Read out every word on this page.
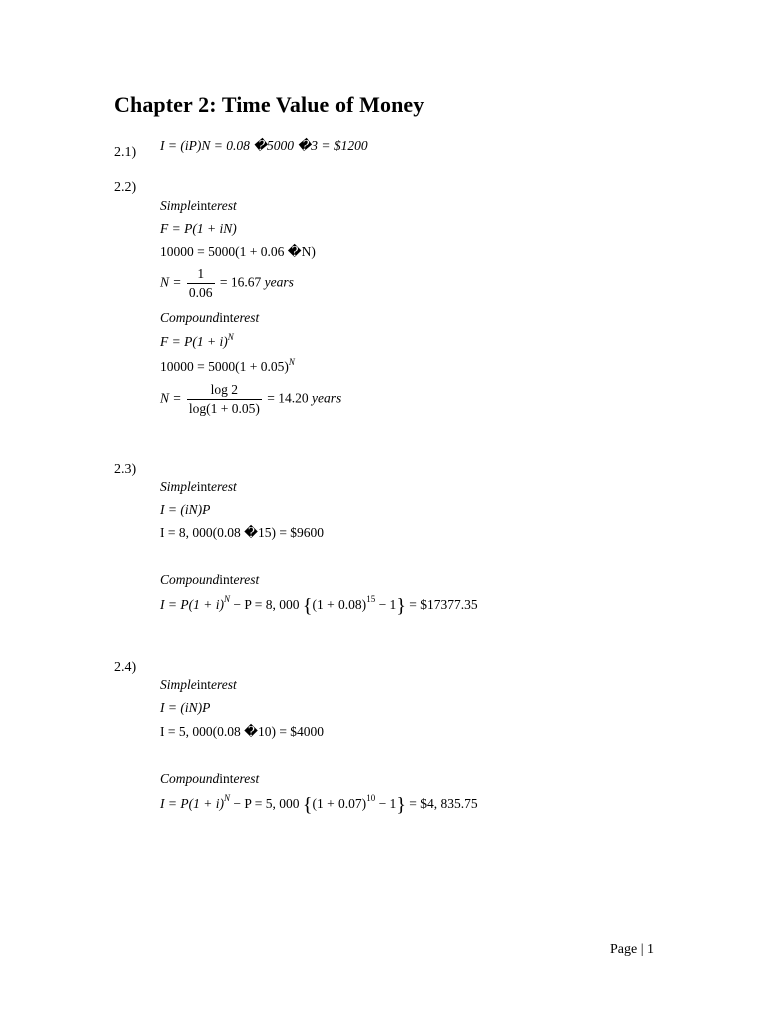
Chapter 2: Time Value of Money
2.1) I = (iP)N = 0.08 �5000 �3 = $1200
2.2)
Simpleinterest
F = P(1 + iN)
10000 = 5000(1 + 0.06 �N)
$N = \frac{1}{0.06} = 16.67$ years
Compoundinterest
$F = P(1 + i)^N$
$10000 = 5000(1 + 0.05)^N$
$N = \frac{\log 2}{\log(1 + 0.05)} = 14.20$ years
2.3)
Simpleinterest
I = (iN)P
I = 8, 000(0.08 �15) = $9600
Compoundinterest
$I = P(1 + i)^N - P = 8$, 000 $\{(1 + 0.08)^{15} - 1\}$ = $17377.35
2.4)
Simpleinterest
I = (iN)P
I = 5, 000(0.08 �10) = $4000
Compoundinterest
$I = P(1 + i)^N - P = 5$, 000 $\{(1 + 0.07)^{10} - 1\}$ = $4, 835.75
Page | 1
